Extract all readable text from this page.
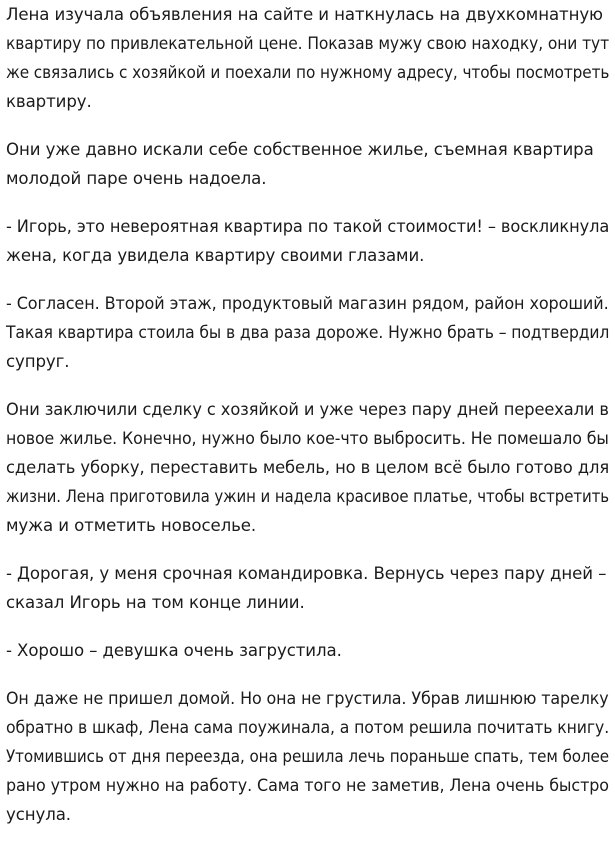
Лена изучала объявления на сайте и наткнулась на двухкомнатную
квартиру по привлекательной цене. Показав мужу свою находку, они тут
же связались с хозяйкой и поехали по нужному адресу, чтобы посмотреть
квартиру.

Они уже давно искали себе собственное жилье, съемная квартира
молодой паре очень надоела.

- Игорь, это невероятная квартира по такой стоимости! – воскликнула
жена, когда увидела квартиру своими глазами.

- Согласен. Второй этаж, продуктовый магазин рядом, район хороший.
Такая квартира стоила бы в два раза дороже. Нужно брать – подтвердил
супруг.

Они заключили сделку с хозяйкой и уже через пару дней переехали в
новое жилье. Конечно, нужно было кое-что выбросить. Не помешало бы
сделать уборку, переставить мебель, но в целом всё было готово для
жизни. Лена приготовила ужин и надела красивое платье, чтобы встретить
мужа и отметить новоселье.

- Дорогая, у меня срочная командировка. Вернусь через пару дней –
сказал Игорь на том конце линии.

- Хорошо – девушка очень загрустила.

Он даже не пришел домой. Но она не грустила. Убрав лишнюю тарелку
обратно в шкаф, Лена сама поужинала, а потом решила почитать книгу.
Утомившись от дня переезда, она решила лечь пораньше спать, тем более
рано утром нужно на работу. Сама того не заметив, Лена очень быстро
уснула.
